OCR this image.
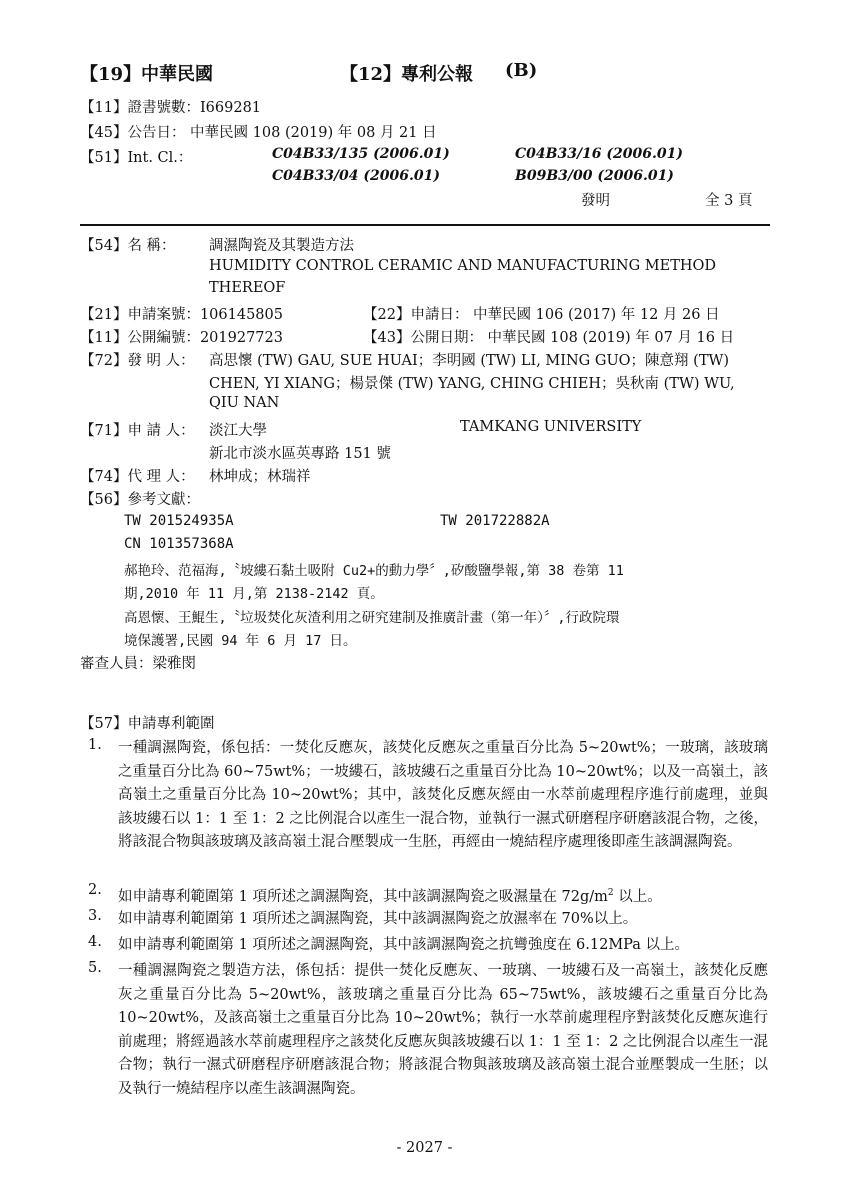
【19】中華民國	【12】專利公報 (B)
【11】證書號數：I669281
【45】公告日： 中華民國 108 (2019) 年 08 月 21 日
【51】Int. Cl.：	C04B33/135 (2006.01)	C04B33/16 (2006.01)
C04B33/04 (2006.01)	B09B3/00 (2006.01)
發明	全 3 頁
【54】名 稱： 調濕陶瓷及其製造方法
HUMIDITY CONTROL CERAMIC AND MANUFACTURING METHOD
THEREOF
【21】申請案號：106145805	【22】申請日： 中華民國 106 (2017) 年 12 月 26 日
【11】公開編號：201927723	【43】公開日期： 中華民國 108 (2019) 年 07 月 16 日
【72】發 明 人： 高思懷 (TW) GAU, SUE HUAI；李明國 (TW) LI, MING GUO；陳意翔 (TW)
CHEN, YI XIANG；楊景傑 (TW) YANG, CHING CHIEH；吳秋南 (TW) WU,
QIU NAN
【71】申 請 人： 淡江大學	TAMKANG UNIVERSITY
新北市淡水區英專路 151 號
【74】代 理 人： 林坤成；林瑞祥
【56】參考文獻：
TW 201524935A	TW 201722882A
CN 101357368A
郝艳玲、范福海,〝坡縷石黏土吸附 Cu2+的動力學〞,矽酸鹽學報,第 38 卷第 11
期,2010 年 11 月,第 2138-2142 頁。
高恩懷、王鯤生,〝垃圾焚化灰渣利用之研究建制及推廣計畫（第一年）〞,行政院環
境保護署,民國 94 年 6 月 17 日。
審查人員：梁雅閔
【57】申請專利範圍
1. 一種調濕陶瓷，係包括：一焚化反應灰，該焚化反應灰之重量百分比為 5~20wt%；一玻璃，該玻璃之重量百分比為 60~75wt%；一坡縷石，該坡縷石之重量百分比為 10~20wt%；以及一高嶺土，該高嶺土之重量百分比為 10~20wt%；其中，該焚化反應灰經由一水萃前處理程序進行前處理，並與該坡縷石以 1：1 至 1：2 之比例混合以產生一混合物，並執行一濕式研磨程序研磨該混合物，之後，將該混合物與該玻璃及該高嶺土混合壓製成一生胚，再經由一燒結程序處理後即產生該調濕陶瓷。
2. 如申請專利範圍第 1 項所述之調濕陶瓷，其中該調濕陶瓷之吸濕量在 $72g/m^2$ 以上。
3. 如申請專利範圍第 1 項所述之調濕陶瓷，其中該調濕陶瓷之放濕率在 70%以上。
4. 如申請專利範圍第 1 項所述之調濕陶瓷，其中該調濕陶瓷之抗彎強度在 6.12MPa 以上。
5. 一種調濕陶瓷之製造方法，係包括：提供一焚化反應灰、一玻璃、一坡縷石及一高嶺土，該焚化反應灰之重量百分比為 5~20wt%，該玻璃之重量百分比為 65~75wt%，該坡縷石之重量百分比為 10~20wt%，及該高嶺土之重量百分比為 10~20wt%；執行一水萃前處理程序對該焚化反應灰進行前處理；將經過該水萃前處理程序之該焚化反應灰與該坡縷石以 1：1 至 1：2 之比例混合以產生一混合物；執行一濕式研磨程序研磨該混合物；將該混合物與該玻璃及該高嶺土混合並壓製成一生胚；以及執行一燒結程序以產生該調濕陶瓷。
- 2027 -
